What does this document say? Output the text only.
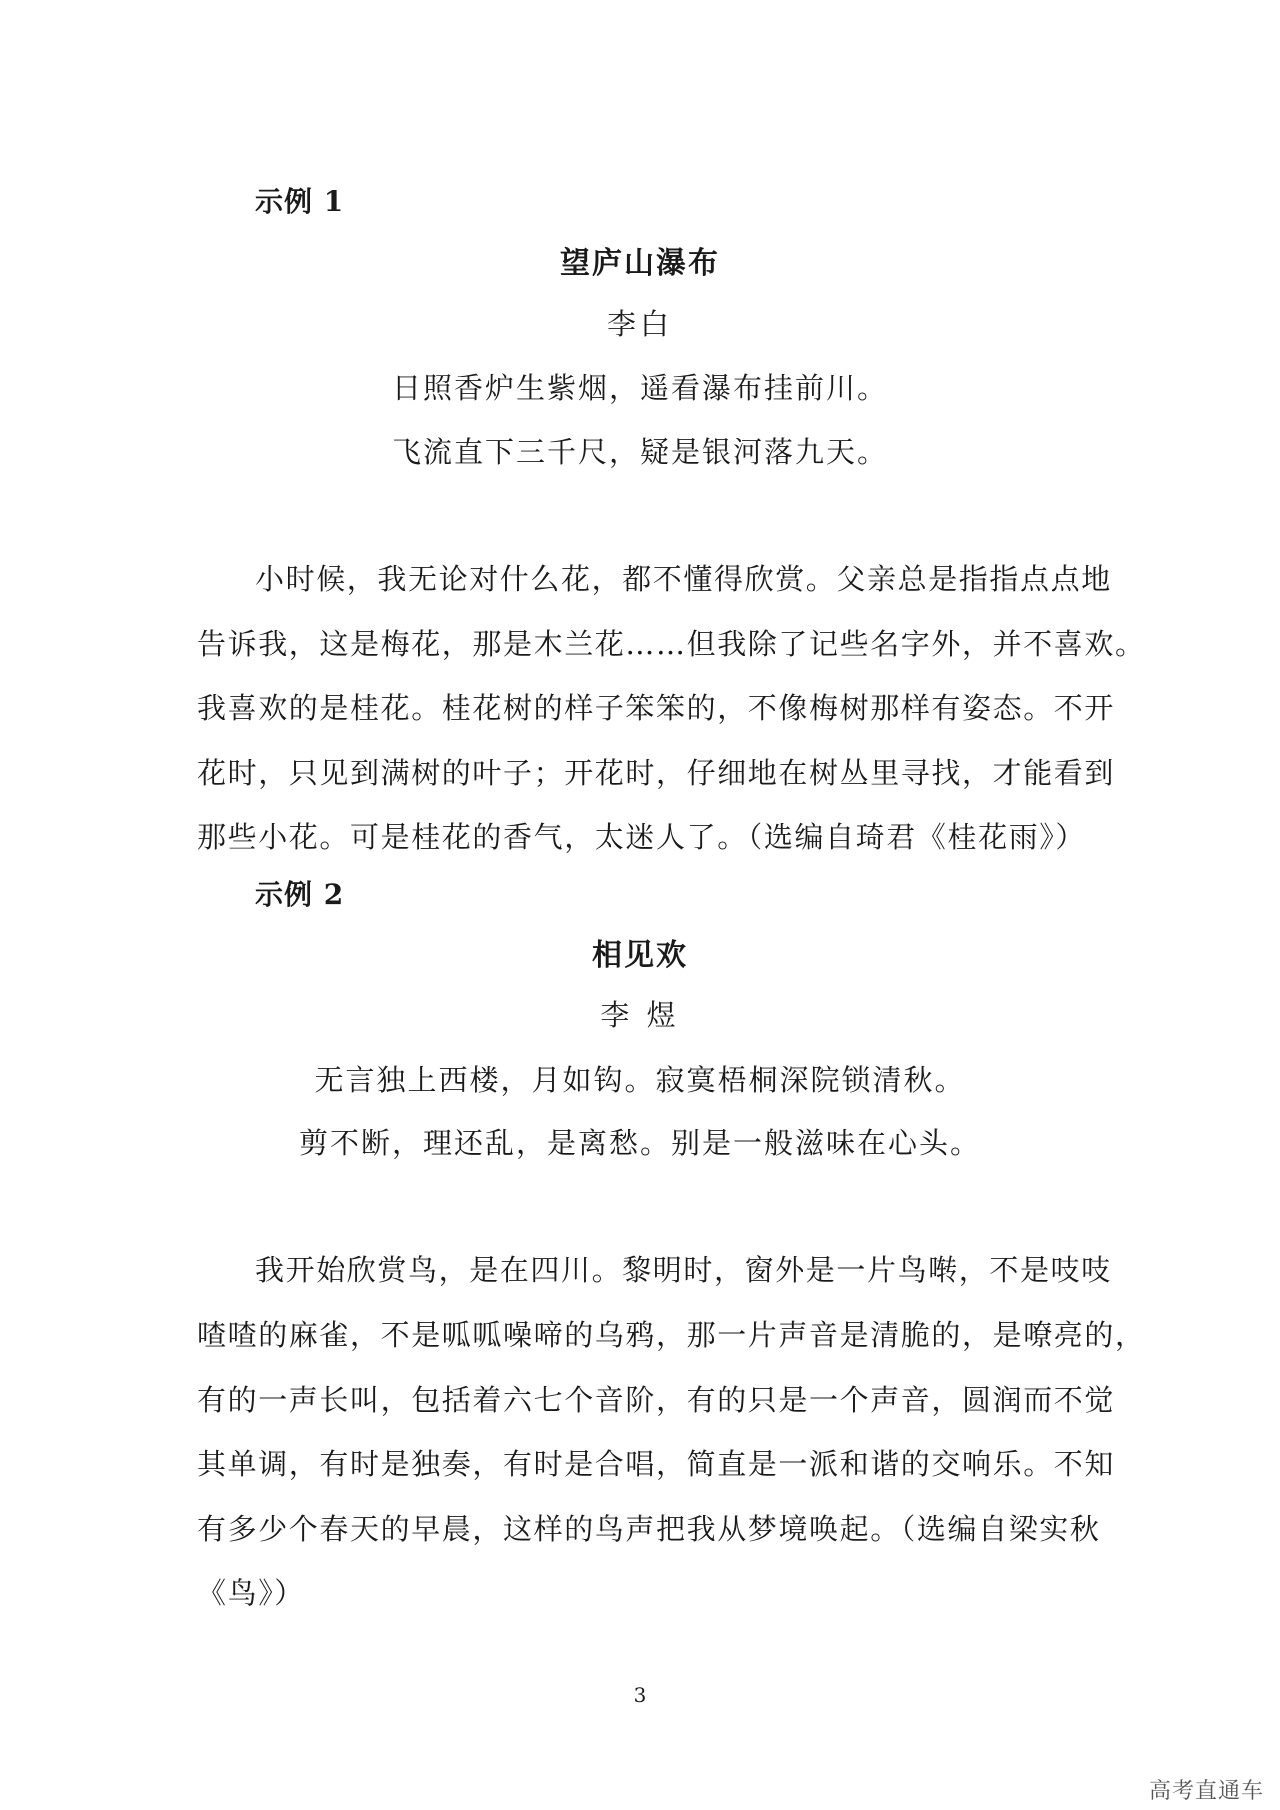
示例 1
望庐山瀑布
李白
日照香炉生紫烟，遥看瀑布挂前川。
飞流直下三千尺，疑是银河落九天。
小时候，我无论对什么花，都不懂得欣赏。父亲总是指指点点地
告诉我，这是梅花，那是木兰花……但我除了记些名字外，并不喜欢。
我喜欢的是桂花。桂花树的样子笨笨的，不像梅树那样有姿态。不开
花时，只见到满树的叶子；开花时，仔细地在树丛里寻找，才能看到
那些小花。可是桂花的香气，太迷人了。（选编自琦君《桂花雨》）
示例 2
相见欢
李 煜
无言独上西楼，月如钩。寂寞梧桐深院锁清秋。
剪不断，理还乱，是离愁。别是一般滋味在心头。
我开始欣赏鸟，是在四川。黎明时，窗外是一片鸟啭，不是吱吱
喳喳的麻雀，不是呱呱噪啼的乌鸦，那一片声音是清脆的，是嘹亮的，
有的一声长叫，包括着六七个音阶，有的只是一个声音，圆润而不觉
其单调，有时是独奏，有时是合唱，简直是一派和谐的交响乐。不知
有多少个春天的早晨，这样的鸟声把我从梦境唤起。（选编自梁实秋
《鸟》）
3
高考直通车
